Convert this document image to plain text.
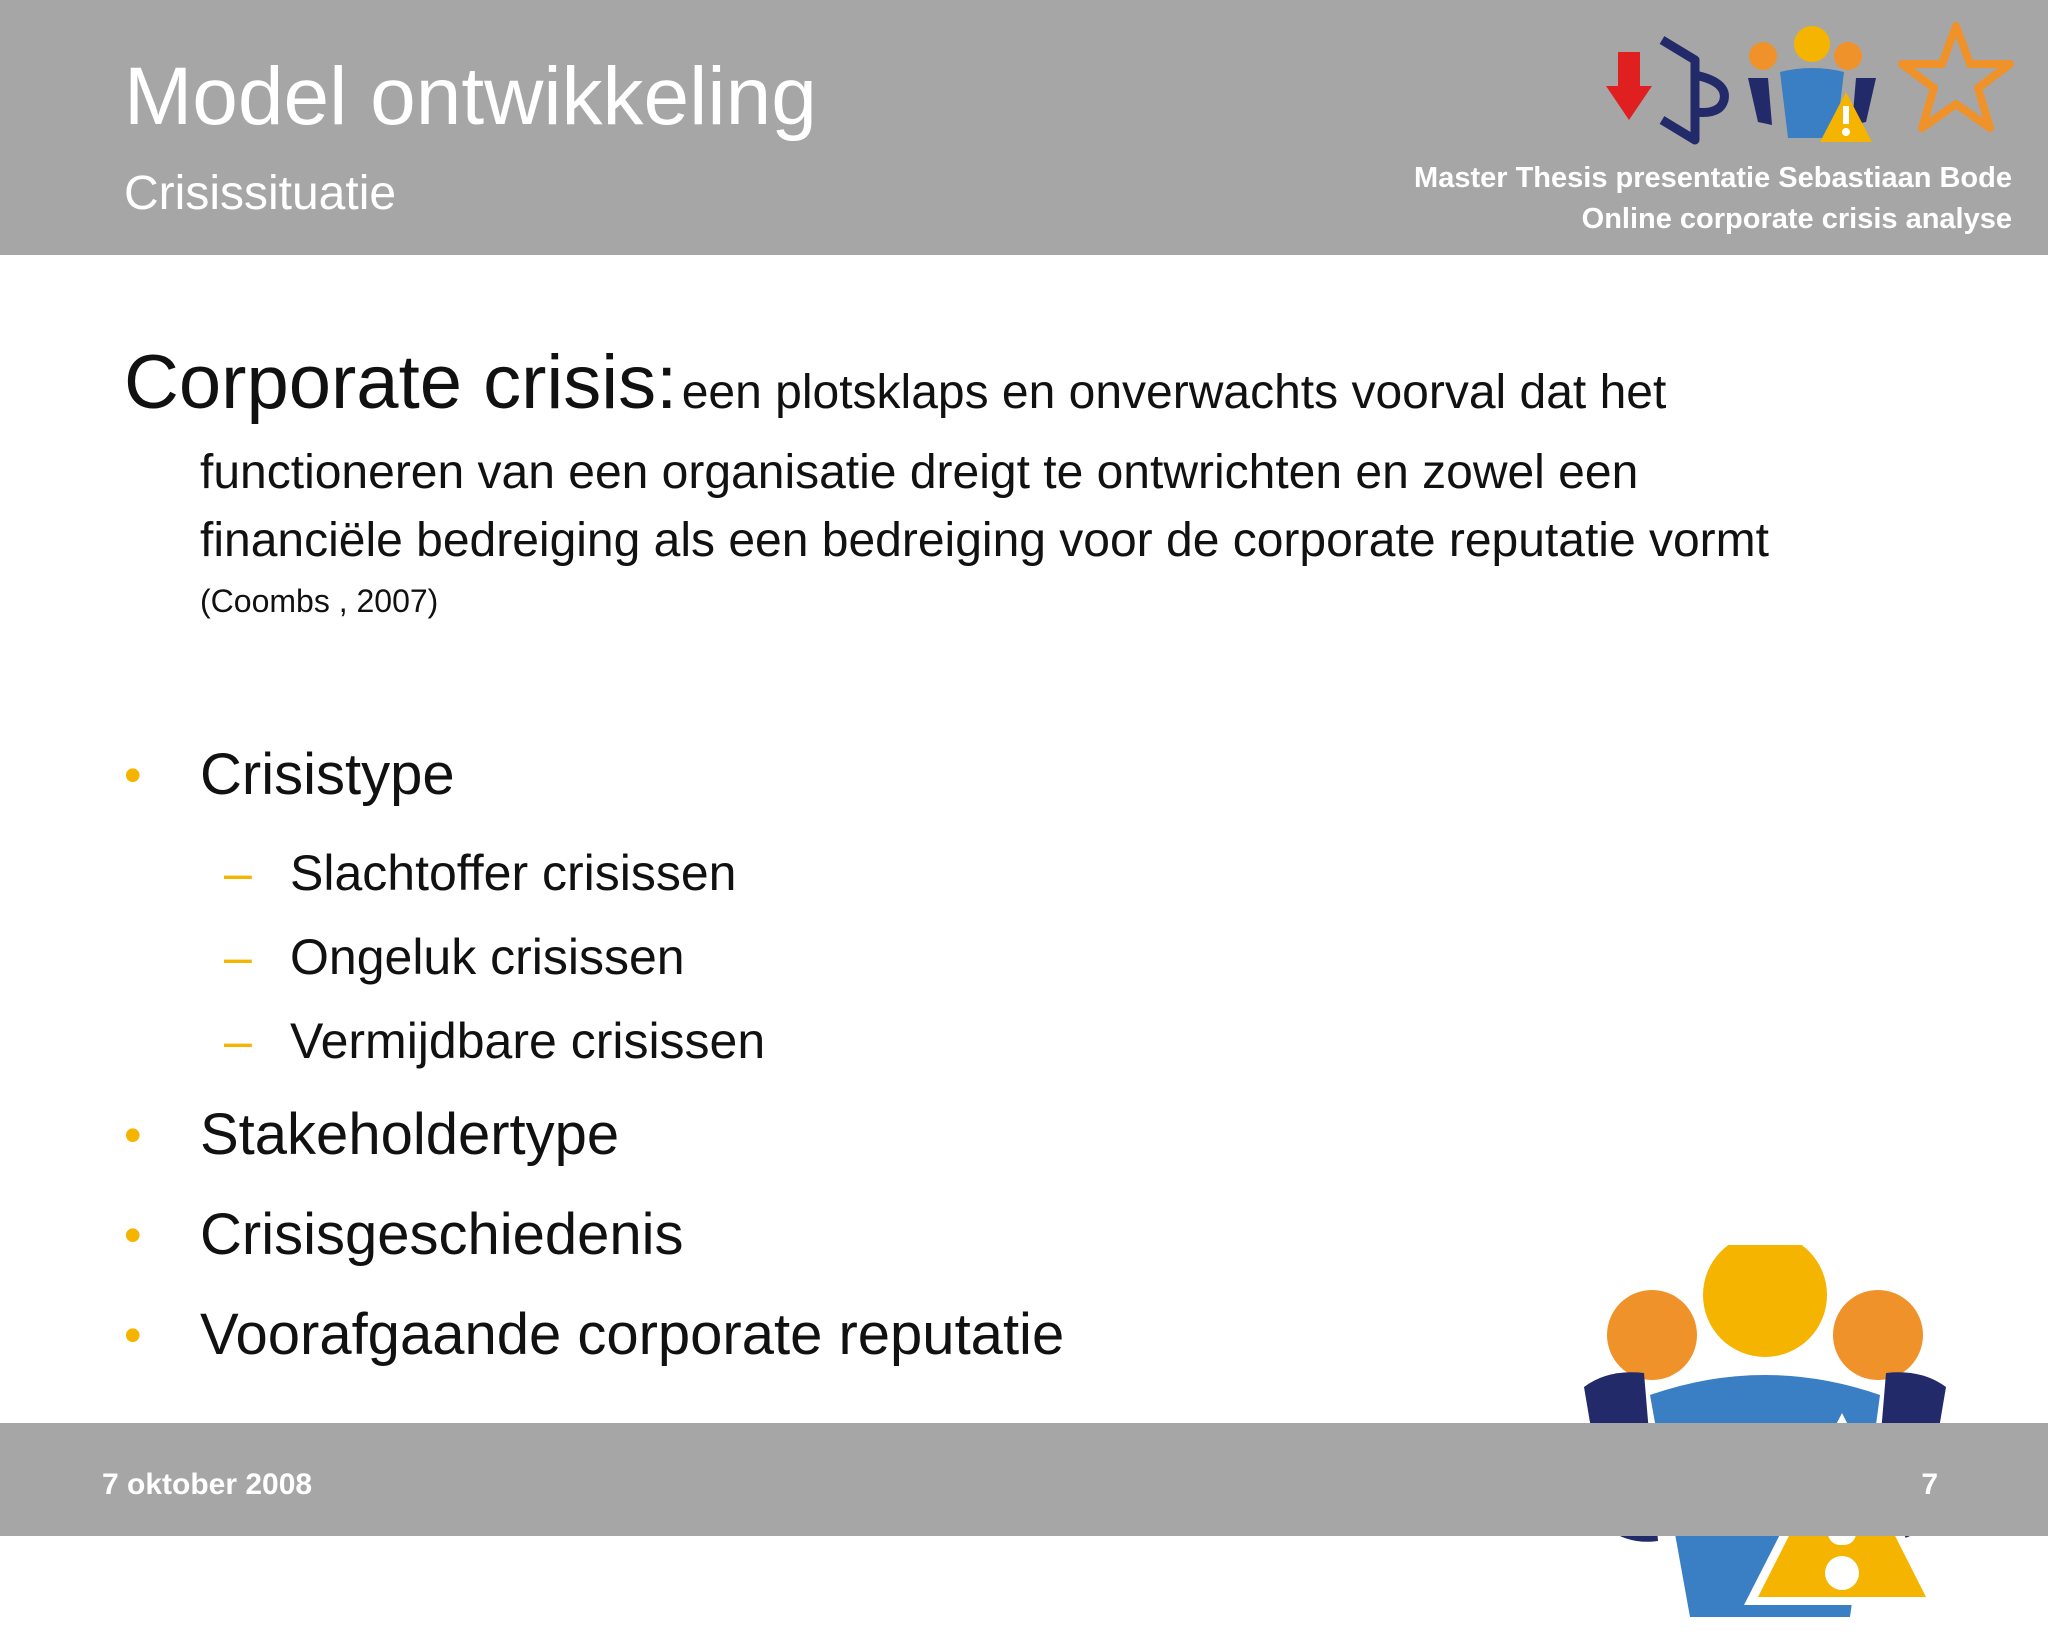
Model ontwikkeling
Crisissituatie	Master Thesis presentatie Sebastiaan Bode
Online corporate crisis analyse
Corporate crisis: een plotsklaps en onverwachts voorval dat het
functioneren van een organisatie dreigt te ontwrichten en zowel een
financiële bedreiging als een bedreiging voor de corporate reputatie vormt
(Coombs , 2007)
• Crisistype
– Slachtoffer crisissen
– Ongeluk crisissen
– Vermijdbare crisissen
• Stakeholdertype
• Crisisgeschiedenis
• Voorafgaande corporate reputatie
7 oktober 2008	7
